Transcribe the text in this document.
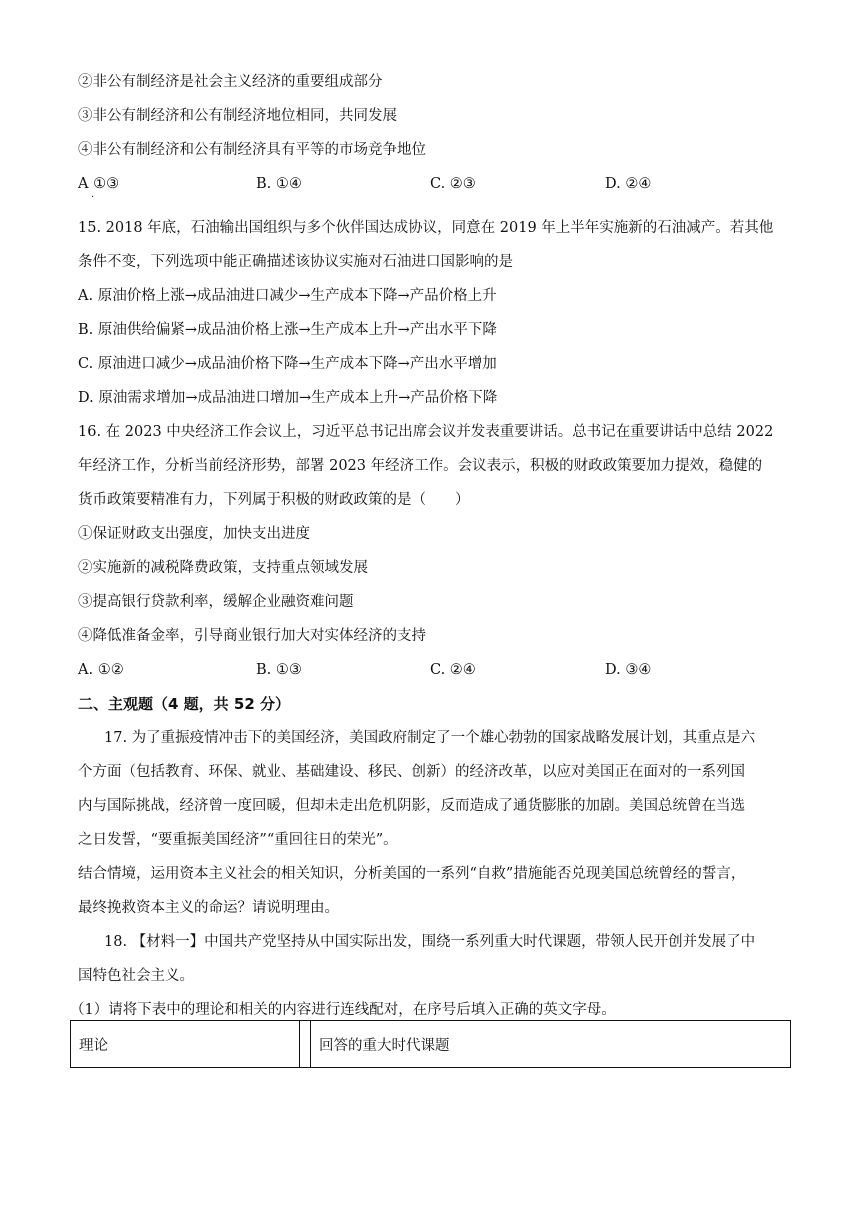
②非公有制经济是社会主义经济的重要组成部分
③非公有制经济和公有制经济地位相同，共同发展
④非公有制经济和公有制经济具有平等的市场竞争地位
A ①③
·
B. ①④	C. ②③	D. ②④
15. 2018 年底，石油输出国组织与多个伙伴国达成协议，同意在 2019 年上半年实施新的石油减产。若其他
条件不变，下列选项中能正确描述该协议实施对石油进口国影响的是
A. 原油价格上涨→成品油进口减少→生产成本下降→产品价格上升
B. 原油供给偏紧→成品油价格上涨→生产成本上升→产出水平下降
C. 原油进口减少→成品油价格下降→生产成本下降→产出水平增加
D. 原油需求增加→成品油进口增加→生产成本上升→产品价格下降
16. 在 2023 中央经济工作会议上，习近平总书记出席会议并发表重要讲话。总书记在重要讲话中总结 2022
年经济工作，分析当前经济形势，部署 2023 年经济工作。会议表示，积极的财政政策要加力提效，稳健的
货币政策要精准有力，下列属于积极的财政政策的是（　　）
①保证财政支出强度，加快支出进度
②实施新的减税降费政策，支持重点领域发展
③提高银行贷款利率，缓解企业融资难问题
④降低准备金率，引导商业银行加大对实体经济的支持
A. ①②	B. ①③	C. ②④	D. ③④
二、主观题（4 题，共 52 分）
17. 为了重振疫情冲击下的美国经济，美国政府制定了一个雄心勃勃的国家战略发展计划，其重点是六
个方面（包括教育、环保、就业、基础建设、移民、创新）的经济改革，以应对美国正在面对的一系列国
内与国际挑战，经济曾一度回暖，但却未走出危机阴影，反而造成了通货膨胀的加剧。美国总统曾在当选
之日发誓，“要重振美国经济”“重回往日的荣光”。
结合情境，运用资本主义社会的相关知识，分析美国的一系列“自救”措施能否兑现美国总统曾经的誓言，
最终挽救资本主义的命运？请说明理由。
18. 【材料一】中国共产党坚持从中国实际出发，围绕一系列重大时代课题，带领人民开创并发展了中
国特色社会主义。
（1）请将下表中的理论和相关的内容进行连线配对，在序号后填入正确的英文字母。
理论		回答的重大时代课题
